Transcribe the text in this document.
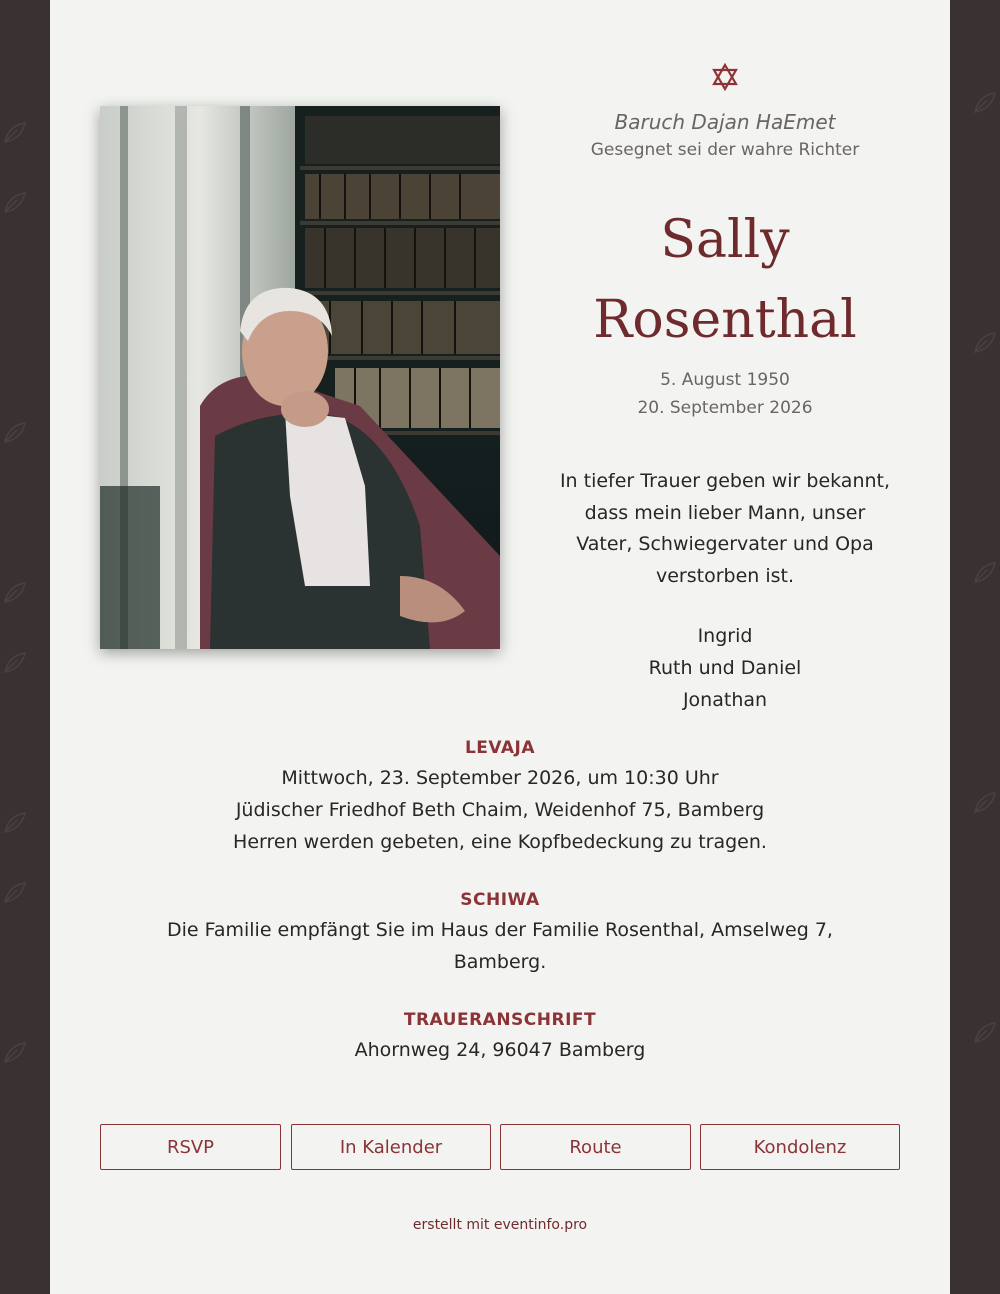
Baruch Dajan HaEmet
Gesegnet sei der wahre Richter
Sally
Rosenthal
5. August 1950
20. September 2026
In tiefer Trauer geben wir bekannt,
dass mein lieber Mann, unser
Vater, Schwiegervater und Opa
verstorben ist.
Ingrid
Ruth und Daniel
Jonathan
LEVAJA
Mittwoch, 23. September 2026, um 10:30 Uhr
Jüdischer Friedhof Beth Chaim, Weidenhof 75, Bamberg
Herren werden gebeten, eine Kopfbedeckung zu tragen.
SCHIWA
Die Familie empfängt Sie im Haus der Familie Rosenthal, Amselweg 7,
Bamberg.
TRAUERANSCHRIFT
Ahornweg 24, 96047 Bamberg
RSVP	In Kalender	Route	Kondolenz
erstellt mit eventinfo.pro
